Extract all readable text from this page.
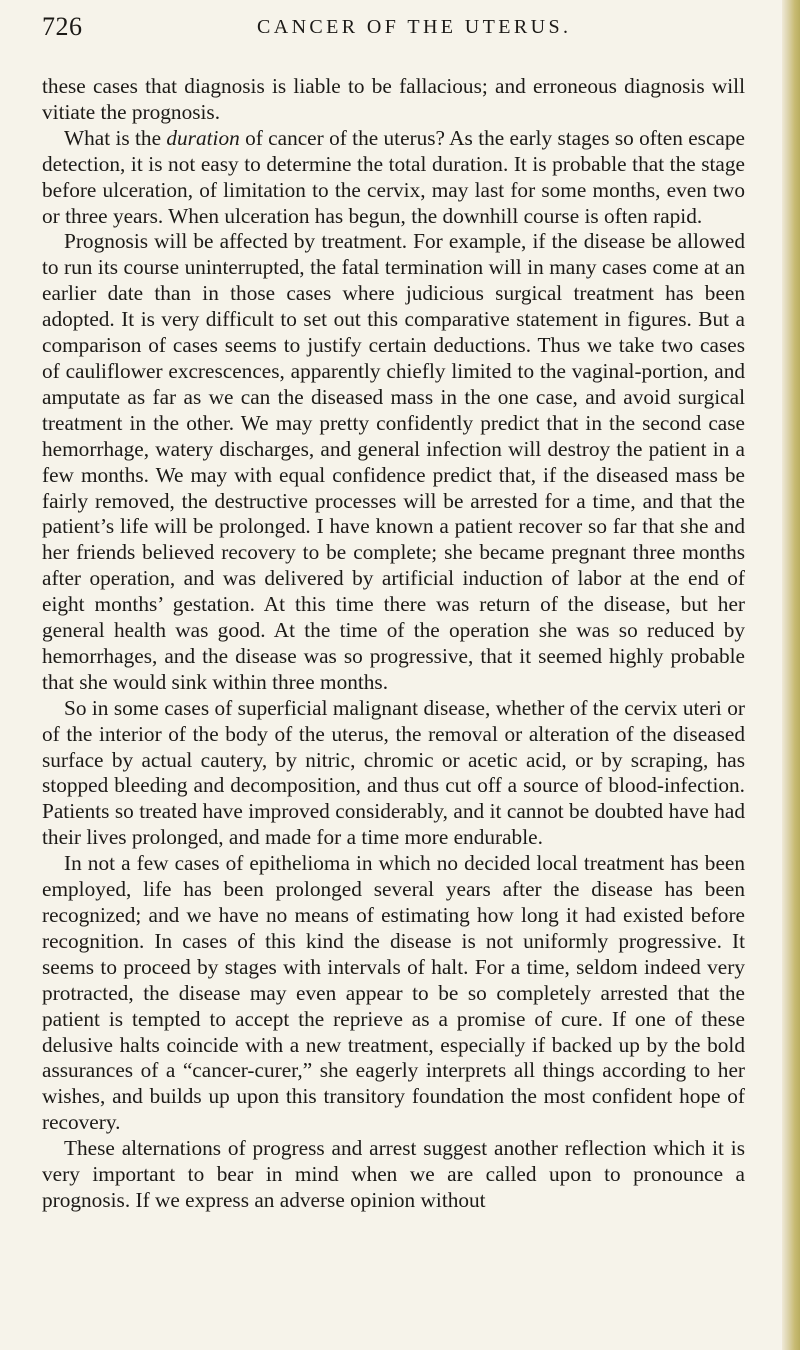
726	CANCER OF THE UTERUS.

these cases that diagnosis is liable to be fallacious; and erroneous diagnosis will vitiate the prognosis.

What is the duration of cancer of the uterus? As the early stages so often escape detection, it is not easy to determine the total duration. It is probable that the stage before ulceration, of limitation to the cervix, may last for some months, even two or three years. When ulceration has begun, the downhill course is often rapid.

Prognosis will be affected by treatment. For example, if the disease be allowed to run its course uninterrupted, the fatal termination will in many cases come at an earlier date than in those cases where judicious surgical treatment has been adopted. It is very difficult to set out this comparative statement in figures. But a comparison of cases seems to justify certain deductions. Thus we take two cases of cauliflower excrescences, apparently chiefly limited to the vaginal-portion, and amputate as far as we can the diseased mass in the one case, and avoid surgical treatment in the other. We may pretty confidently predict that in the second case hemorrhage, watery discharges, and general infection will destroy the patient in a few months. We may with equal confidence predict that, if the diseased mass be fairly removed, the destructive processes will be arrested for a time, and that the patient’s life will be prolonged. I have known a patient recover so far that she and her friends believed recovery to be complete; she became pregnant three months after operation, and was delivered by artificial induction of labor at the end of eight months’ gestation. At this time there was return of the disease, but her general health was good. At the time of the operation she was so reduced by hemorrhages, and the disease was so progressive, that it seemed highly probable that she would sink within three months.

So in some cases of superficial malignant disease, whether of the cervix uteri or of the interior of the body of the uterus, the removal or alteration of the diseased surface by actual cautery, by nitric, chromic or acetic acid, or by scraping, has stopped bleeding and decomposition, and thus cut off a source of blood-infection. Patients so treated have improved considerably, and it cannot be doubted have had their lives prolonged, and made for a time more endurable.

In not a few cases of epithelioma in which no decided local treatment has been employed, life has been prolonged several years after the disease has been recognized; and we have no means of estimating how long it had existed before recognition. In cases of this kind the disease is not uniformly progressive. It seems to proceed by stages with intervals of halt. For a time, seldom indeed very protracted, the disease may even appear to be so completely arrested that the patient is tempted to accept the reprieve as a promise of cure. If one of these delusive halts coincide with a new treatment, especially if backed up by the bold assurances of a “cancer-curer,” she eagerly interprets all things according to her wishes, and builds up upon this transitory foundation the most confident hope of recovery.

These alternations of progress and arrest suggest another reflection which it is very important to bear in mind when we are called upon to pronounce a prognosis. If we express an adverse opinion without
